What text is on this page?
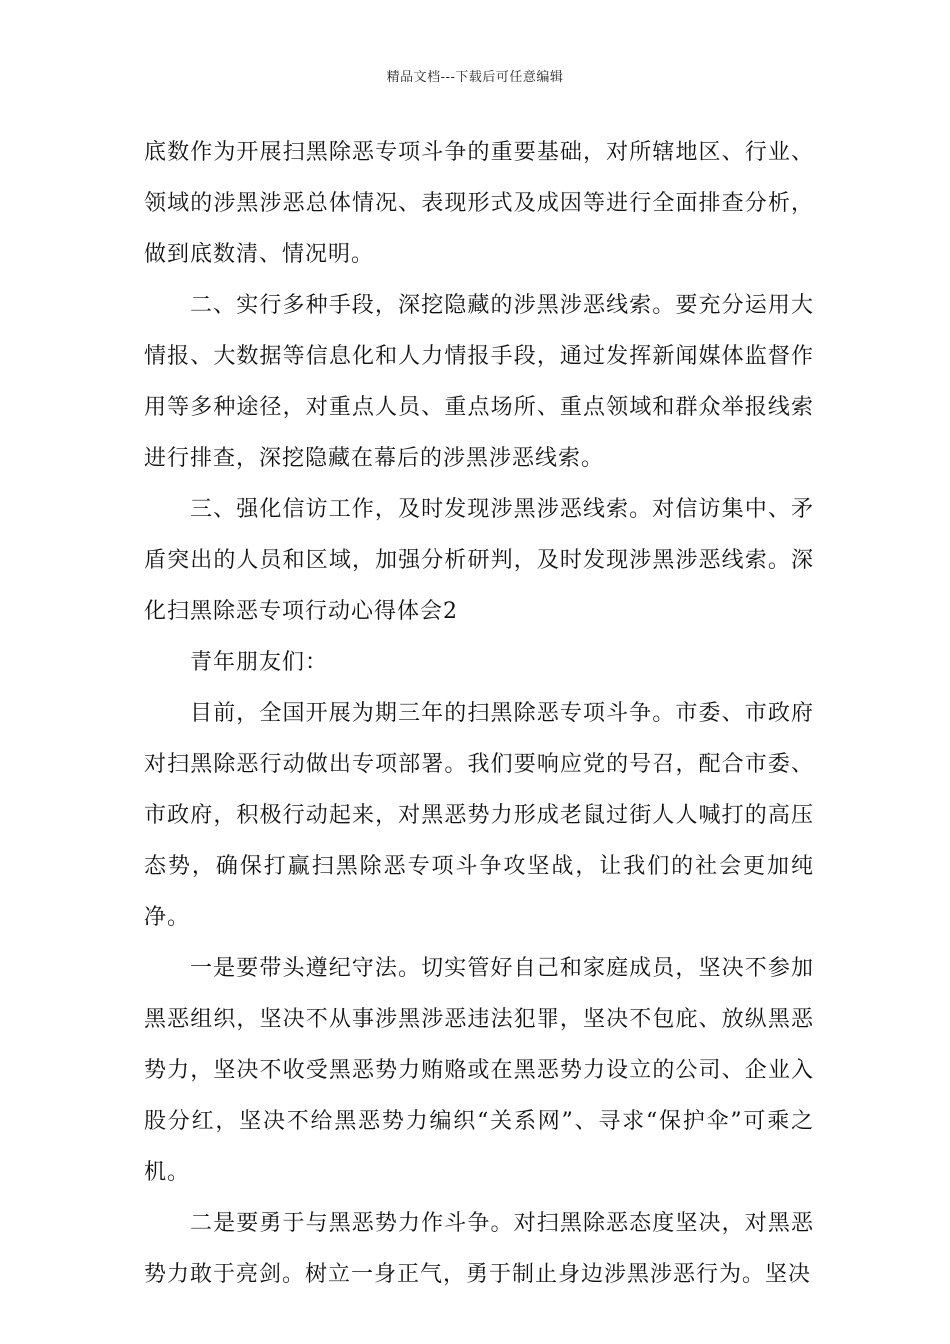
精品文档---下载后可任意编辑

底数作为开展扫黑除恶专项斗争的重要基础，对所辖地区、行业、领域的涉黑涉恶总体情况、表现形式及成因等进行全面排查分析，做到底数清、情况明。

二、实行多种手段，深挖隐藏的涉黑涉恶线索。要充分运用大情报、大数据等信息化和人力情报手段，通过发挥新闻媒体监督作用等多种途径，对重点人员、重点场所、重点领域和群众举报线索进行排查，深挖隐藏在幕后的涉黑涉恶线索。

三、强化信访工作，及时发现涉黑涉恶线索。对信访集中、矛盾突出的人员和区域，加强分析研判，及时发现涉黑涉恶线索。深化扫黑除恶专项行动心得体会2

青年朋友们：

目前，全国开展为期三年的扫黑除恶专项斗争。市委、市政府对扫黑除恶行动做出专项部署。我们要响应党的号召，配合市委、市政府，积极行动起来，对黑恶势力形成老鼠过街人人喊打的高压态势，确保打赢扫黑除恶专项斗争攻坚战，让我们的社会更加纯净。

一是要带头遵纪守法。切实管好自己和家庭成员，坚决不参加黑恶组织，坚决不从事涉黑涉恶违法犯罪，坚决不包庇、放纵黑恶势力，坚决不收受黑恶势力贿赂或在黑恶势力设立的公司、企业入股分红，坚决不给黑恶势力编织“关系网”、寻求“保护伞”可乘之机。

二是要勇于与黑恶势力作斗争。对扫黑除恶态度坚决，对黑恶势力敢于亮剑。树立一身正气，勇于制止身边涉黑涉恶行为。坚决
